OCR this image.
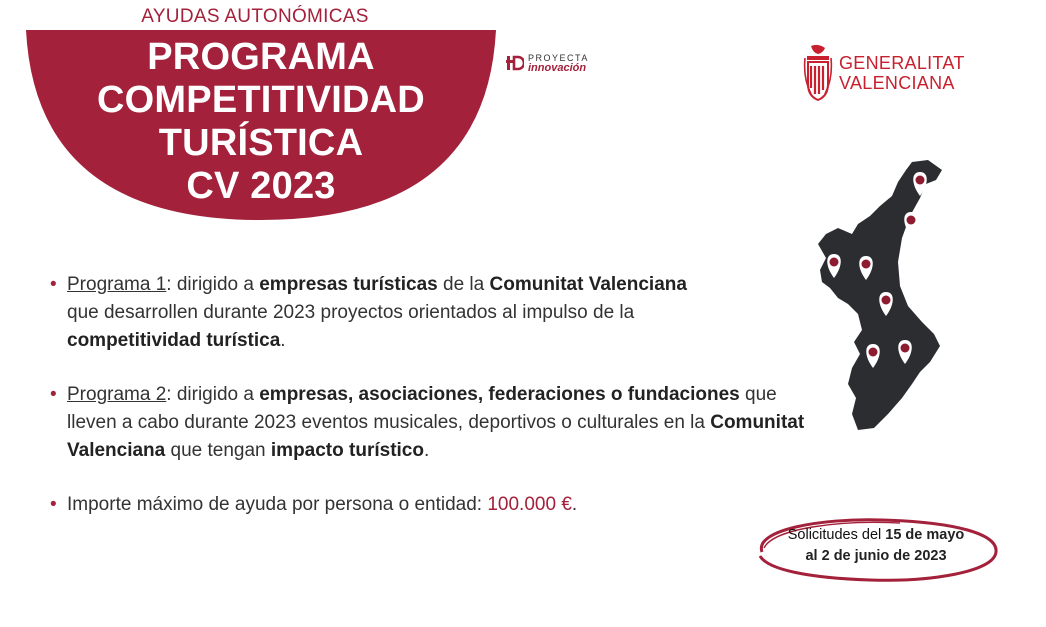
AYUDAS AUTONÓMICAS
PROGRAMA
COMPETITIVIDAD
TURÍSTICA
CV 2023
PROYECTA
innovación	GENERALITAT
VALENCIANA
• Programa 1: dirigido a empresas turísticas de la Comunitat Valenciana
que desarrollen durante 2023 proyectos orientados al impulso de la
competitividad turística.
• Programa 2: dirigido a empresas, asociaciones, federaciones o fundaciones que lleven a cabo durante 2023 eventos musicales, deportivos o culturales en la Comunitat Valenciana que tengan impacto turístico.
• Importe máximo de ayuda por persona o entidad: 100.000 €.
Solicitudes del 15 de mayo
al 2 de junio de 2023
